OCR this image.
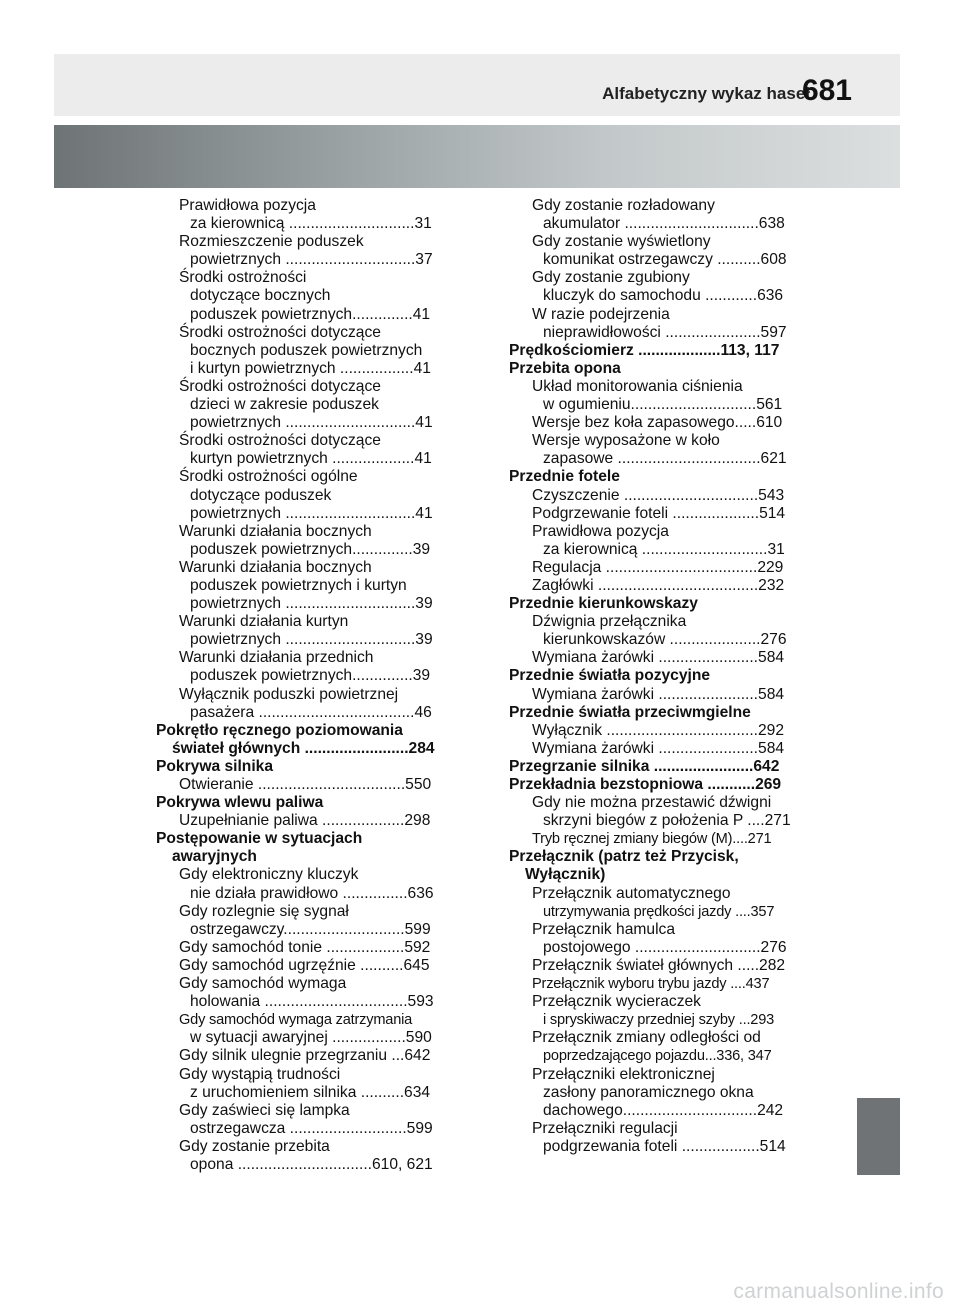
Alfabetyczny wykaz haseł
681
Prawidłowa pozycja
za kierownicą .............................31
Rozmieszczenie poduszek
powietrznych ..............................37
Środki ostrożności
dotyczące bocznych
poduszek powietrznych..............41
Środki ostrożności dotyczące
bocznych poduszek powietrznych
i kurtyn powietrznych .................41
Środki ostrożności dotyczące
dzieci w zakresie poduszek
powietrznych ..............................41
Środki ostrożności dotyczące
kurtyn powietrznych ...................41
Środki ostrożności ogólne
dotyczące poduszek
powietrznych ..............................41
Warunki działania bocznych
poduszek powietrznych..............39
Warunki działania bocznych
poduszek powietrznych i kurtyn
powietrznych ..............................39
Warunki działania kurtyn
powietrznych ..............................39
Warunki działania przednich
poduszek powietrznych..............39
Wyłącznik poduszki powietrznej
pasażera ....................................46
Pokrętło ręcznego poziomowania
świateł głównych ........................284
Pokrywa silnika
Otwieranie ..................................550
Pokrywa wlewu paliwa
Uzupełnianie paliwa ...................298
Postępowanie w sytuacjach
awaryjnych
Gdy elektroniczny kluczyk
nie działa prawidłowo ...............636
Gdy rozlegnie się sygnał
ostrzegawczy............................599
Gdy samochód tonie ..................592
Gdy samochód ugrzęźnie ..........645
Gdy samochód wymaga
holowania .................................593
Gdy samochód wymaga zatrzymania
w sytuacji awaryjnej .................590
Gdy silnik ulegnie przegrzaniu ...642
Gdy wystąpią trudności
z uruchomieniem silnika ..........634
Gdy zaświeci się lampka
ostrzegawcza ...........................599
Gdy zostanie przebita
opona ...............................610, 621
Gdy zostanie rozładowany
akumulator ...............................638
Gdy zostanie wyświetlony
komunikat ostrzegawczy ..........608
Gdy zostanie zgubiony
kluczyk do samochodu ............636
W razie podejrzenia
nieprawidłowości ......................597
Prędkościomierz ...................113, 117
Przebita opona
Układ monitorowania ciśnienia
w ogumieniu.............................561
Wersje bez koła zapasowego.....610
Wersje wyposażone w koło
zapasowe .................................621
Przednie fotele
Czyszczenie ...............................543
Podgrzewanie foteli ....................514
Prawidłowa pozycja
za kierownicą .............................31
Regulacja ...................................229
Zagłówki .....................................232
Przednie kierunkowskazy
Dźwignia przełącznika
kierunkowskazów .....................276
Wymiana żarówki .......................584
Przednie światła pozycyjne
Wymiana żarówki .......................584
Przednie światła przeciwmgielne
Wyłącznik ...................................292
Wymiana żarówki .......................584
Przegrzanie silnika .......................642
Przekładnia bezstopniowa ...........269
Gdy nie można przestawić dźwigni
skrzyni biegów z położenia P ....271
Tryb ręcznej zmiany biegów (M)....271
Przełącznik (patrz też Przycisk,
Wyłącznik)
Przełącznik automatycznego
utrzymywania prędkości jazdy ....357
Przełącznik hamulca
postojowego .............................276
Przełącznik świateł głównych .....282
Przełącznik wyboru trybu jazdy ....437
Przełącznik wycieraczek
i spryskiwaczy przedniej szyby ...293
Przełącznik zmiany odległości od
poprzedzającego pojazdu...336, 347
Przełączniki elektronicznej
zasłony panoramicznego okna
dachowego...............................242
Przełączniki regulacji
podgrzewania foteli ..................514
carmanualsonline.info
